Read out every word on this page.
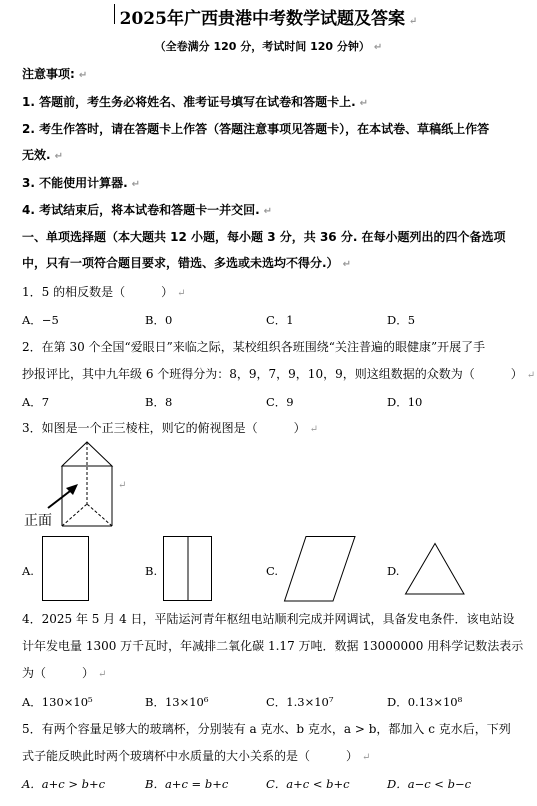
2025年广西贵港中考数学试题及答案 ↵
（全卷满分 120 分，考试时间 120 分钟） ↵
注意事项: ↵
1. 答题前，考生务必将姓名、准考证号填写在试卷和答题卡上. ↵
2. 考生作答时，请在答题卡上作答（答题注意事项见答题卡），在本试卷、草稿纸上作答
无效. ↵
3. 不能使用计算器. ↵
4. 考试结束后，将本试卷和答题卡一并交回. ↵
一、单项选择题（本大题共 12 小题，每小题 3 分，共 36 分. 在每小题列出的四个备选项
中，只有一项符合题目要求，错选、多选或未选均不得分.） ↵
1．5 的相反数是（　　　） ↵
A．−5	B．0	C．1	D．5
2．在第 30 个全国“爱眼日”来临之际，某校组织各班围绕“关注普遍的眼健康”开展了手
抄报评比，其中九年级 6 个班得分为：8，9，7，9，10，9，则这组数据的众数为（　　　） ↵
A．7	B．8	C．9	D．10
3．如图是一个正三棱柱，则它的俯视图是（　　　） ↵
正面
↵
A.	B.	C.	D.
4．2025 年 5 月 4 日，平陆运河青年枢纽电站顺利完成并网调试，具备发电条件．该电站设
计年发电量 1300 万千瓦时，年减排二氧化碳 1.17 万吨．数据 13000000 用科学记数法表示
为（　　　） ↵
A．130×10⁵	B．13×10⁶	C．1.3×10⁷	D．0.13×10⁸
5．有两个容量足够大的玻璃杯，分别装有 a 克水、b 克水，a > b，都加入 c 克水后，下列
式子能反映此时两个玻璃杯中水质量的大小关系的是（　　　） ↵
A．a+c > b+c	B．a+c = b+c	C．a+c < b+c	D．a−c < b−c
